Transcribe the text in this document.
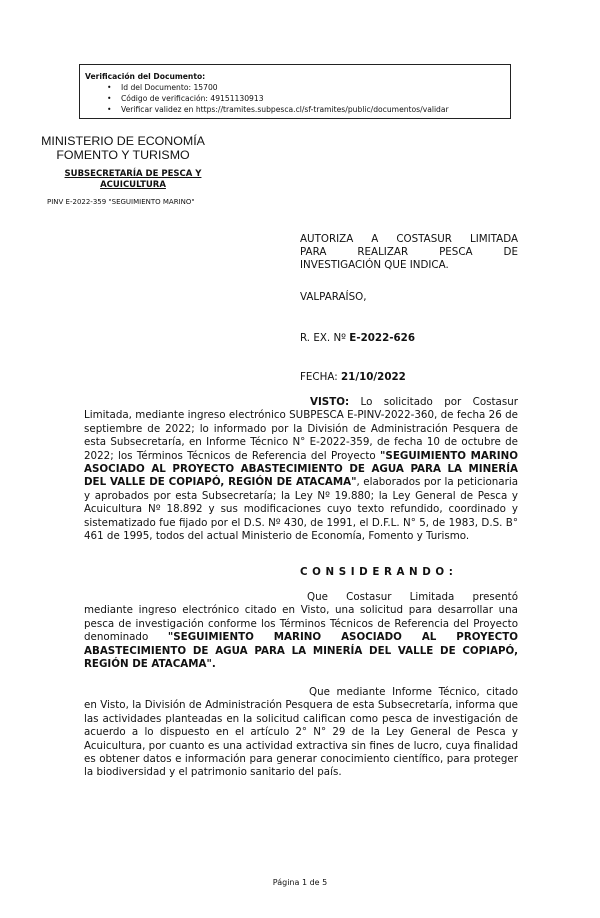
Verificación del Documento:
• Id del Documento: 15700
• Código de verificación: 49151130913
• Verificar validez en https://tramites.subpesca.cl/sf-tramites/public/documentos/validar
MINISTERIO DE ECONOMÍA
FOMENTO Y TURISMO
SUBSECRETARÍA DE PESCA Y
ACUICULTURA
PINV E-2022-359 "SEGUIMIENTO MARINO"
AUTORIZA A COSTASUR LIMITADA
PARA REALIZAR PESCA DE
INVESTIGACIÓN QUE INDICA.
VALPARAÍSO,
R. EX. Nº E-2022-626
FECHA: 21/10/2022
VISTO: Lo solicitado por Costasur Limitada, mediante ingreso electrónico SUBPESCA E-PINV-2022-360, de fecha 26 de septiembre de 2022; lo informado por la División de Administración Pesquera de esta Subsecretaría, en Informe Técnico N° E-2022-359, de fecha 10 de octubre de 2022; los Términos Técnicos de Referencia del Proyecto "SEGUIMIENTO MARINO ASOCIADO AL PROYECTO ABASTECIMIENTO DE AGUA PARA LA MINERÍA DEL VALLE DE COPIAPÓ, REGIÓN DE ATACAMA", elaborados por la peticionaria y aprobados por esta Subsecretaría; la Ley Nº 19.880; la Ley General de Pesca y Acuicultura Nº 18.892 y sus modificaciones cuyo texto refundido, coordinado y sistematizado fue fijado por el D.S. Nº 430, de 1991, el D.F.L. N° 5, de 1983, D.S. B° 461 de 1995, todos del actual Ministerio de Economía, Fomento y Turismo.
CONSIDERANDO:
Que Costasur Limitada presentó mediante ingreso electrónico citado en Visto, una solicitud para desarrollar una pesca de investigación conforme los Términos Técnicos de Referencia del Proyecto denominado "SEGUIMIENTO MARINO ASOCIADO AL PROYECTO ABASTECIMIENTO DE AGUA PARA LA MINERÍA DEL VALLE DE COPIAPÓ, REGIÓN DE ATACAMA".
Que mediante Informe Técnico, citado en Visto, la División de Administración Pesquera de esta Subsecretaría, informa que las actividades planteadas en la solicitud califican como pesca de investigación de acuerdo a lo dispuesto en el artículo 2° N° 29 de la Ley General de Pesca y Acuicultura, por cuanto es una actividad extractiva sin fines de lucro, cuya finalidad es obtener datos e información para generar conocimiento científico, para proteger la biodiversidad y el patrimonio sanitario del país.
Página 1 de 5
